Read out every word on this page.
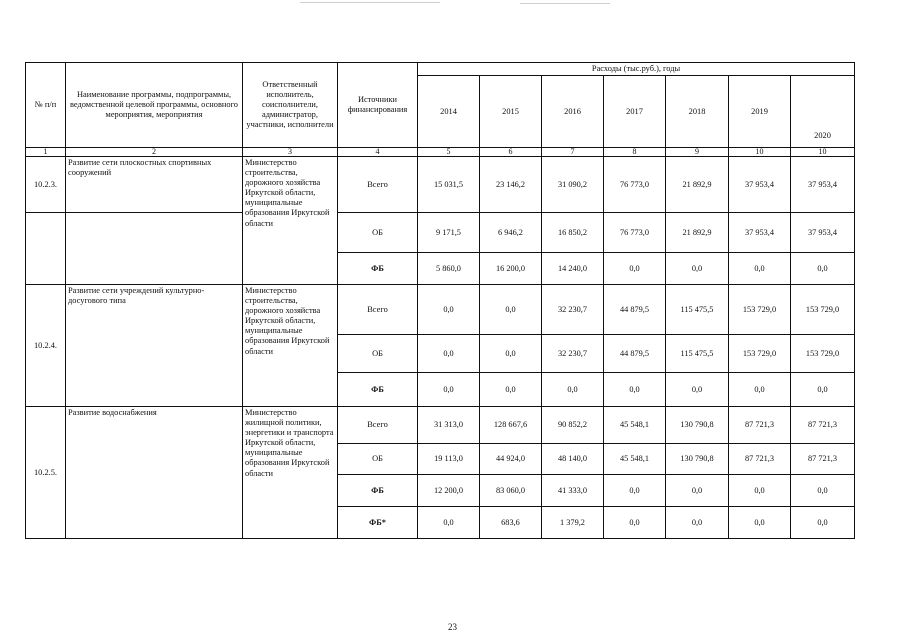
№ п/п	Наименование программы, подпрограммы, ведомственной целевой программы, основного мероприятия, мероприятия	Ответственный исполнитель, соисполнители, администратор, участники, исполнители	Источники финансирования	Расходы (тыс.руб.), годы						
				2014	2015	2016	2017	2018	2019	2020
1	2	3	4	5	6	7	8	9	10	10
10.2.3.	Развитие сети плоскостных спортивных сооружений	Министерство строительства, дорожного хозяйства Иркутской области, муниципальные образования Иркутской области	Всего	15 031,5	23 146,2	31 090,2	76 773,0	21 892,9	37 953,4	37 953,4
			ОБ	9 171,5	6 946,2	16 850,2	76 773,0	21 892,9	37 953,4	37 953,4
			ФБ	5 860,0	16 200,0	14 240,0	0,0	0,0	0,0	0,0
10.2.4.	Развитие сети учреждений культурно-досугового типа	Министерство строительства, дорожного хозяйства Иркутской области, муниципальные образования Иркутской области	Всего	0,0	0,0	32 230,7	44 879,5	115 475,5	153 729,0	153 729,0
			ОБ	0,0	0,0	32 230,7	44 879,5	115 475,5	153 729,0	153 729,0
			ФБ	0,0	0,0	0,0	0,0	0,0	0,0	0,0
10.2.5.	Развитие водоснабжения	Министерство жилищной политики, энергетики и транспорта Иркутской области, муниципальные образования Иркутской области	Всего	31 313,0	128 667,6	90 852,2	45 548,1	130 790,8	87 721,3	87 721,3
			ОБ	19 113,0	44 924,0	48 140,0	45 548,1	130 790,8	87 721,3	87 721,3
			ФБ	12 200,0	83 060,0	41 333,0	0,0	0,0	0,0	0,0
			ФБ*	0,0	683,6	1 379,2	0,0	0,0	0,0	0,0
23
